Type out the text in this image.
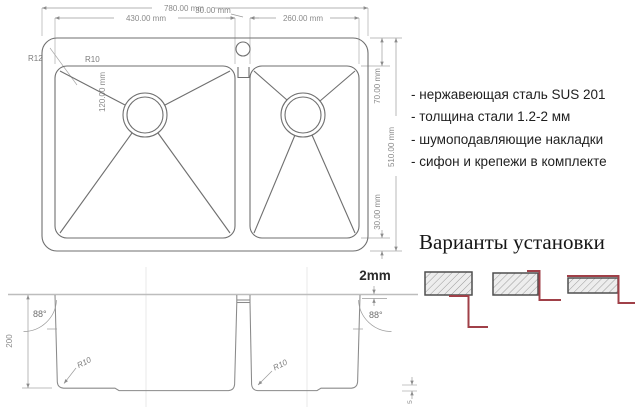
780.00 mm
430.00 mm
30.00 mm
260.00 mm
70.00 mm
510.00 mm
30.00 mm
120.00 mm
R12	R10
- нержавеющая сталь SUS 201
- толщина стали 1.2-2 мм
- шумоподавляющие накладки
- сифон и крепежи в комплекте
Варианты установки
88°	88°
2mm
200
R10	R10
5
